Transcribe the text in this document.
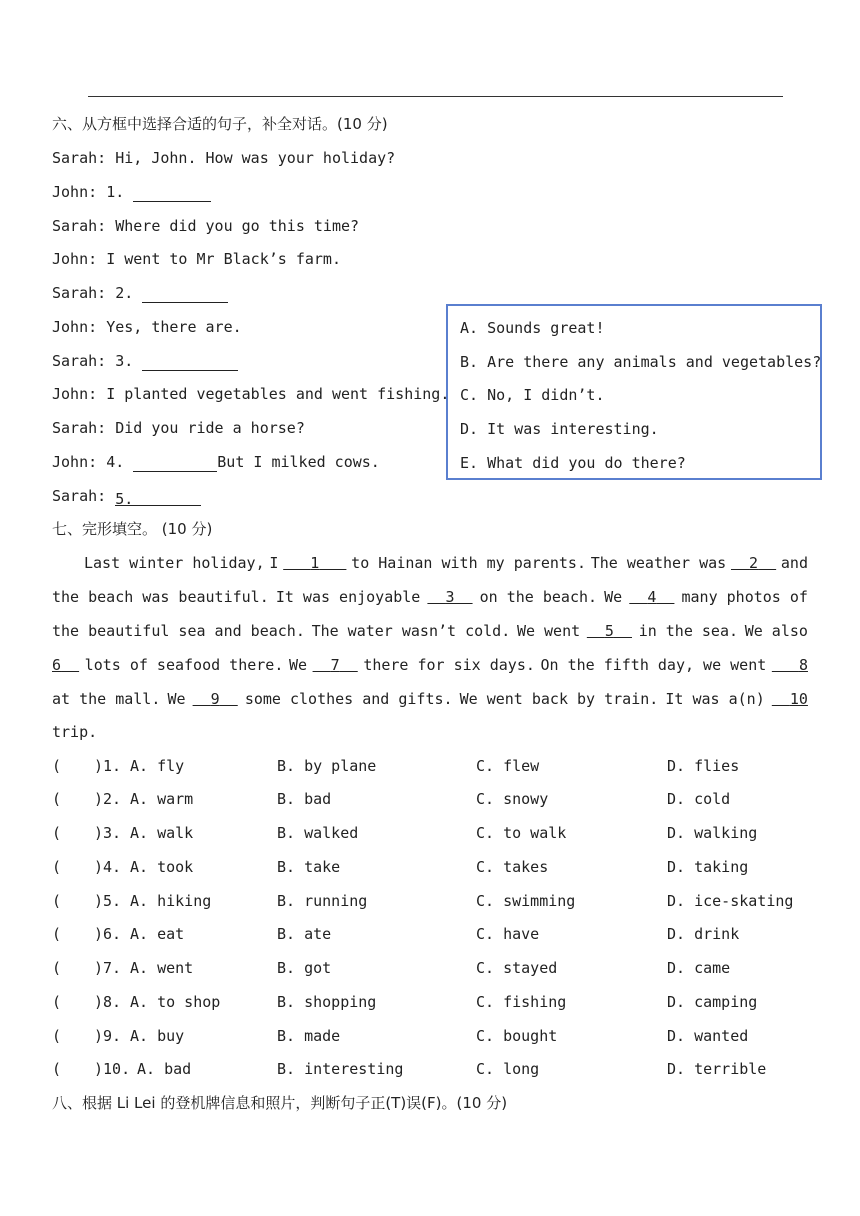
六、从方框中选择合适的句子，补全对话。(10 分)
Sarah: Hi, John. How was your holiday?
John: 1.
Sarah: Where did you go this time?
John: I went to Mr Black’s farm.
Sarah: 2.
John: Yes, there are.
Sarah: 3.
John: I planted vegetables and went fishing.
Sarah: Did you ride a horse?
John: 4.	But I milked cows.
Sarah: 5.
A. Sounds great!
B. Are there any animals and vegetables?
C. No, I didn’t.
D. It was interesting.
E. What did you do there?
七、完形填空。 (10 分)
Last winter holiday, I	1	to Hainan with my parents. The weather was	2	and
the beach was beautiful. It was enjoyable	3	on the beach. We	4	many photos of
the beautiful sea and beach. The water wasn’t cold. We went	5	in the sea. We also
6	lots of seafood there. We	7	there for six days. On the fifth day, we went	8
at the mall. We	9	some clothes and gifts. We went back by train. It was a(n)	10
trip.
( )1. A. fly	B. by plane	C. flew	D. flies
( )2. A. warm	B. bad	C. snowy	D. cold
( )3. A. walk	B. walked	C. to walk	D. walking
( )4. A. took	B. take	C. takes	D. taking
( )5. A. hiking	B. running	C. swimming	D. ice-skating
( )6. A. eat	B. ate	C. have	D. drink
( )7. A. went	B. got	C. stayed	D. came
( )8. A. to shop	B. shopping	C. fishing	D. camping
( )9. A. buy	B. made	C. bought	D. wanted
( )10. A. bad	B. interesting	C. long	D. terrible
八、根据 Li Lei 的登机牌信息和照片，判断句子正(T)误(F)。(10 分)
